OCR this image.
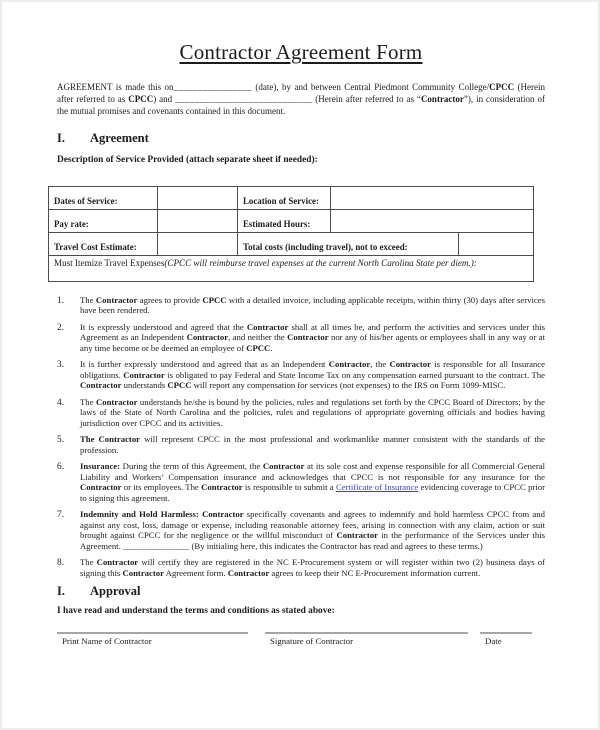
Contractor Agreement Form

AGREEMENT is made this on________________ (date), by and between Central Piedmont Community College/CPCC (Herein after referred to as CPCC) and ____________________________ (Herein after referred to as “Contractor”), in consideration of the mutual promises and covenants contained in this document.

I. Agreement

Description of Service Provided (attach separate sheet if needed):

Dates of Service:	Location of Service:
Pay rate:	Estimated Hours:
Travel Cost Estimate:	Total costs (including travel), not to exceed:
Must Itemize Travel Expenses (CPCC will reimburse travel expenses at the current North Carolina State per diem.):
1.	The Contractor agrees to provide CPCC with a detailed invoice, including applicable receipts, within thirty (30) days after services have been rendered.
2.	It is expressly understood and agreed that the Contractor shall at all times be, and perform the activities and services under this Agreement as an Independent Contractor, and neither the Contractor nor any of his/her agents or employees shall in any way or at any time become or be deemed an employee of CPCC.
3.	It is further expressly understood and agreed that as an Independent Contractor, the Contractor is responsible for all Insurance obligations. Contractor is obligated to pay Federal and State Income Tax on any compensation earned pursuant to the contract. The Contractor understands CPCC will report any compensation for services (not expenses) to the IRS on Form 1099-MISC.
4.	The Contractor understands he/she is bound by the policies, rules and regulations set forth by the CPCC Board of Directors; by the laws of the State of North Carolina and the policies, rules and regulations of appropriate governing officials and bodies having jurisdiction over CPCC and its activities.
5.	The Contractor will represent CPCC in the most professional and workmanlike manner consistent with the standards of the profession.
6.	Insurance: During the term of this Agreement, the Contractor at its sole cost and expense responsible for all Commercial General Liability and Workers’ Compensation insurance and acknowledges that CPCC is not responsible for any insurance for the Contractor or its employees. The Contractor is responsible to submit a Certificate of Insurance evidencing coverage to CPCC prior to signing this agreement.
7.	Indemnity and Hold Harmless: Contractor specifically covenants and agrees to indemnify and hold harmless CPCC from and against any cost, loss, damage or expense, including reasonable attorney fees, arising in connection with any claim, action or suit brought against CPCC for the negligence or the willful misconduct of Contractor in the performance of the Services under this Agreement. ______________ (By initialing here, this indicates the Contractor has read and agrees to these terms.)
8.	The Contractor will certify they are registered in the NC E-Procurement system or will register within two (2) business days of signing this Contractor Agreement form. Contractor agrees to keep their NC E-Procurement information current.
I. Approval

I have read and understand the terms and conditions as stated above:

Print Name of Contractor	Signature of Contractor	Date
